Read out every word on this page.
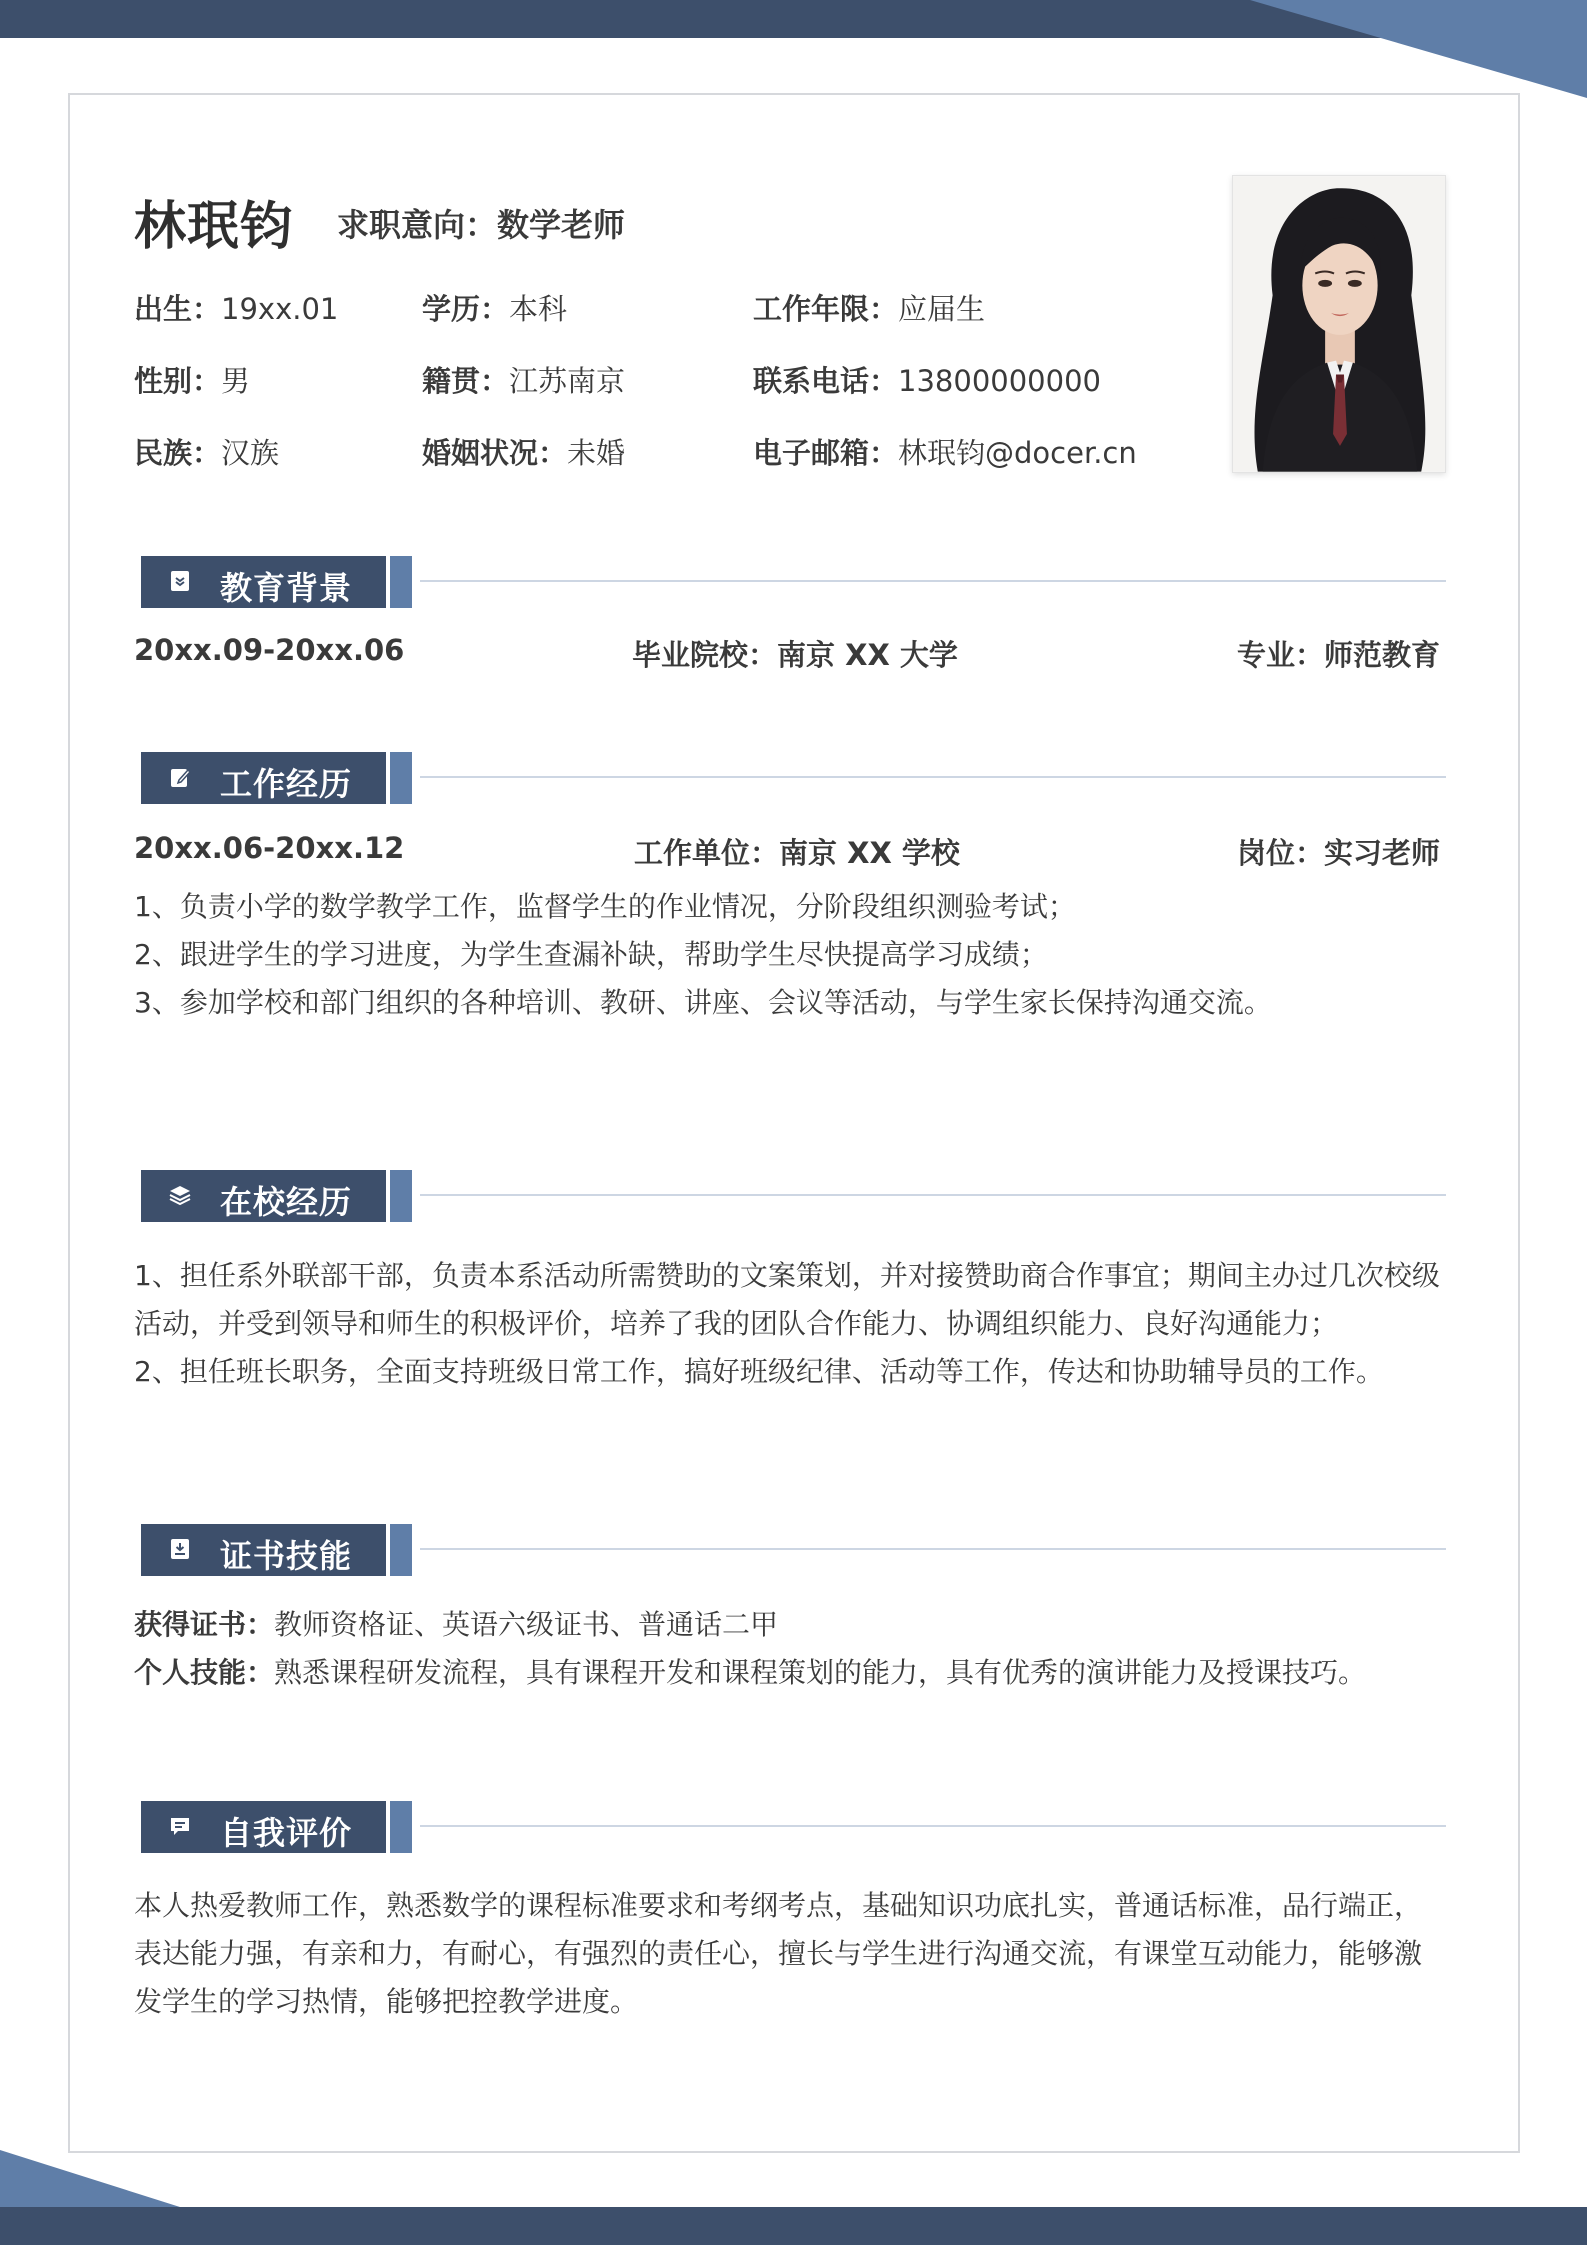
林珉钧 求职意向：数学老师
出生：19xx.01	学历：本科	工作年限：应届生
性别：男	籍贯：江苏南京	联系电话：13800000000
民族：汉族	婚姻状况：未婚	电子邮箱：林珉钧@docer.cn
教育背景
20xx.09-20xx.06	毕业院校：南京 XX 大学	专业：师范教育
工作经历
20xx.06-20xx.12	工作单位：南京 XX 学校	岗位：实习老师

1、负责小学的数学教学工作，监督学生的作业情况，分阶段组织测验考试；

2、跟进学生的学习进度，为学生查漏补缺，帮助学生尽快提高学习成绩；

3、参加学校和部门组织的各种培训、教研、讲座、会议等活动，与学生家长保持沟通交流。

在校经历

1、担任系外联部干部，负责本系活动所需赞助的文案策划，并对接赞助商合作事宜；期间主办过几次校级活动，并受到领导和师生的积极评价，培养了我的团队合作能力、协调组织能力、良好沟通能力；

2、担任班长职务，全面支持班级日常工作，搞好班级纪律、活动等工作，传达和协助辅导员的工作。

证书技能

获得证书：教师资格证、英语六级证书、普通话二甲

个人技能：熟悉课程研发流程，具有课程开发和课程策划的能力，具有优秀的演讲能力及授课技巧。

自我评价

本人热爱教师工作，熟悉数学的课程标准要求和考纲考点，基础知识功底扎实，普通话标准，品行端正，表达能力强，有亲和力，有耐心，有强烈的责任心，擅长与学生进行沟通交流，有课堂互动能力，能够激发学生的学习热情，能够把控教学进度。
